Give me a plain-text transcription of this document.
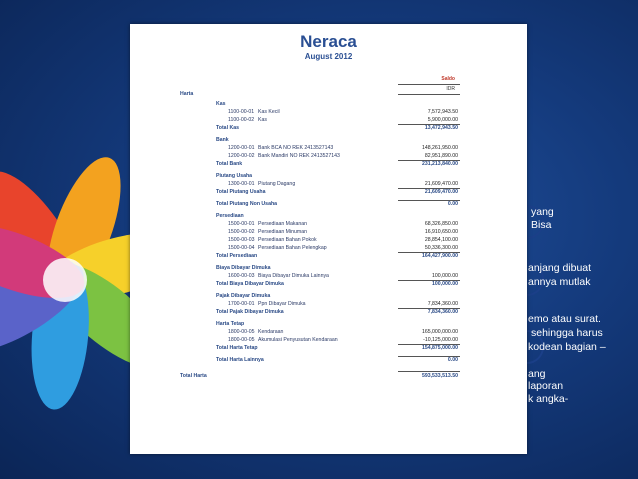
yang
Bisa
anjang dibuat
annya mutlak
emo atau surat.
sehingga harus
kodean bagian –
ang
laporan
k angka-
Neraca
August 2012
Saldo
IDR
Harta
Kas
1100-00-01 Kas Kecil	7,572,943.50
1100-00-02 Kas	5,900,000.00
Total Kas	13,472,943.50
Bank
1200-00-01 Bank BCA NO REK 2413527143	148,261,950.00
1200-00-02 Bank Mandiri NO REK 2413527143	82,951,890.00
Total Bank	231,213,840.00
Piutang Usaha
1300-00-01 Piutang Dagang	21,609,470.00
Total Piutang Usaha	21,609,470.00
Total Piutang Non Usaha	0.00
Persediaan
1500-00-01 Persediaan Makanan	68,326,850.00
1500-00-02 Persediaan Minuman	16,910,650.00
1500-00-03 Persediaan Bahan Pokok	28,854,100.00
1500-00-04 Persediaan Bahan Pelengkap	50,336,300.00
Total Persediaan	164,427,900.00
Biaya Dibayar Dimuka
1600-00-03 Biaya Dibayar Dimuka Lainnya	100,000.00
Total Biaya Dibayar Dimuka	100,000.00
Pajak Dibayar Dimuka
1700-00-01 Ppn Dibayar Dimuka	7,834,360.00
Total Pajak Dibayar Dimuka	7,834,360.00
Harta Tetap
1800-00-05 Kendaraan	165,000,000.00
1800-00-05 Akumulasi Penyusutan Kendaraan	-10,125,000.00
Total Harta Tetap	154,875,000.00
Total Harta Lainnya	0.00
Total Harta	593,533,513.50
